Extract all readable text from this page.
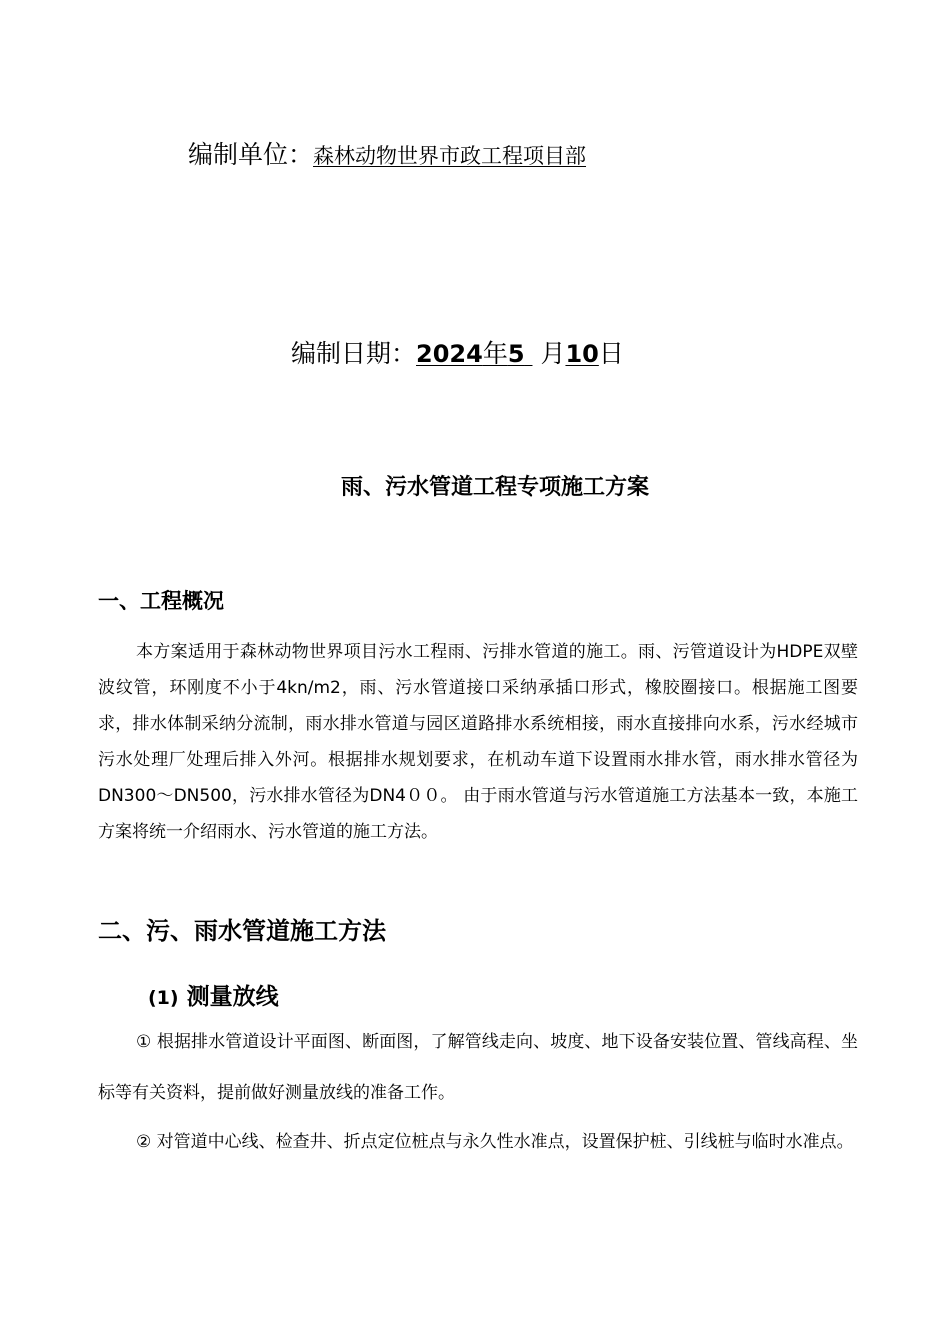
编制单位：森林动物世界市政工程项目部
编制日期：2024年5 月10日
雨、污水管道工程专项施工方案
一、工程概况
本方案适用于森林动物世界项目污水工程雨、污排水管道的施工。雨、污管道设计为HDPE双壁波纹管，环刚度不小于4kn/m2，雨、污水管道接口采纳承插口形式，橡胶圈接口。根据施工图要求，排水体制采纳分流制，雨水排水管道与园区道路排水系统相接，雨水直接排向水系，污水经城市污水处理厂处理后排入外河。根据排水规划要求，在机动车道下设置雨水排水管，雨水排水管径为DN300～DN500，污水排水管径为DN4００。 由于雨水管道与污水管道施工方法基本一致，本施工方案将统一介绍雨水、污水管道的施工方法。
二、污、雨水管道施工方法
(1) 测量放线
① 根据排水管道设计平面图、断面图，了解管线走向、坡度、地下设备安装位置、管线高程、坐标等有关资料，提前做好测量放线的准备工作。
② 对管道中心线、检查井、折点定位桩点与永久性水准点，设置保护桩、引线桩与临时水准点。
